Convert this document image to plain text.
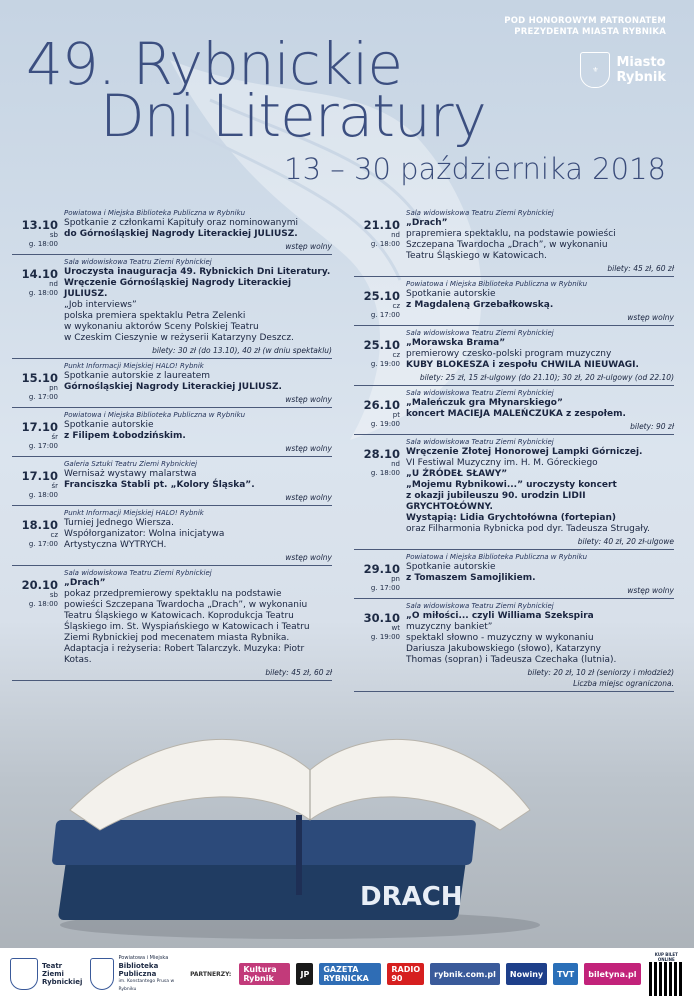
49. Rybnickie
Dni Literatury
13 – 30 października 2018
POD HONOROWYM PATRONATEM
PREZYDENTA MIASTA RYBNIKA
⚜	Miasto
Rybnik
Powiatowa i Miejska Biblioteka Publiczna w Rybniku
13.10
sb
g. 18:00
Spotkanie z członkami Kapituły oraz nominowanymi
do Górnośląskiej Nagrody Literackiej JULIUSZ.
wstęp wolny
Sala widowiskowa Teatru Ziemi Rybnickiej
14.10
nd
g. 18:00
Uroczysta inauguracja 49. Rybnickich Dni Literatury.
Wręczenie Górnośląskiej Nagrody Literackiej JULIUSZ.
„Job interviews”
polska premiera spektaklu Petra Zelenki
w wykonaniu aktorów Sceny Polskiej Teatru
w Czeskim Cieszynie w reżyserii Katarzyny Deszcz.
bilety: 30 zł (do 13.10), 40 zł (w dniu spektaklu)
Punkt Informacji Miejskiej HALO! Rybnik
15.10
pn
g. 17:00
Spotkanie autorskie z laureatem
Górnośląskiej Nagrody Literackiej JULIUSZ.
wstęp wolny
Powiatowa i Miejska Biblioteka Publiczna w Rybniku
17.10
śr
g. 17:00
Spotkanie autorskie
z Filipem Łobodzińskim.
wstęp wolny
Galeria Sztuki Teatru Ziemi Rybnickiej
17.10
śr
g. 18:00
Wernisaż wystawy malarstwa
Franciszka Stabli pt. „Kolory Śląska”.
wstęp wolny
Punkt Informacji Miejskiej HALO! Rybnik
18.10
cz
g. 17:00
Turniej Jednego Wiersza.
Współorganizator: Wolna inicjatywa
Artystyczna WYTRYCH.
wstęp wolny
Sala widowiskowa Teatru Ziemi Rybnickiej
20.10
sb
g. 18:00
„Drach”
pokaz przedpremierowy spektaklu na podstawie
powieści Szczepana Twardocha „Drach”, w wykonaniu
Teatru Śląskiego w Katowicach. Koprodukcja Teatru
Śląskiego im. St. Wyspiańskiego w Katowicach i Teatru
Ziemi Rybnickiej pod mecenatem miasta Rybnika.
Adaptacja i reżyseria: Robert Talarczyk. Muzyka: Piotr Kotas.
bilety: 45 zł, 60 zł
Sala widowiskowa Teatru Ziemi Rybnickiej
21.10
nd
g. 18:00
„Drach”
prapremiera spektaklu, na podstawie powieści
Szczepana Twardocha „Drach”, w wykonaniu
Teatru Śląskiego w Katowicach.
bilety: 45 zł, 60 zł
Powiatowa i Miejska Biblioteka Publiczna w Rybniku
25.10
cz
g. 17:00
Spotkanie autorskie
z Magdaleną Grzebałkowską.
wstęp wolny
Sala widowiskowa Teatru Ziemi Rybnickiej
25.10
cz
g. 19:00
„Morawska Brama”
premierowy czesko-polski program muzyczny
KUBY BLOKESZA i zespołu CHWILA NIEUWAGI.
bilety: 25 zł, 15 zł-ulgowy (do 21.10); 30 zł, 20 zł-ulgowy (od 22.10)
Sala widowiskowa Teatru Ziemi Rybnickiej
26.10
pt
g. 19:00
„Maleńczuk gra Młynarskiego”
koncert MACIEJA MALEŃCZUKA z zespołem.
bilety: 90 zł
Sala widowiskowa Teatru Ziemi Rybnickiej
28.10
nd
g. 18:00
Wręczenie Złotej Honorowej Lampki Górniczej.
VI Festiwal Muzyczny im. H. M. Góreckiego
„U ŹRÓDEŁ SŁAWY”
„Mojemu Rybnikowi...” uroczysty koncert
z okazji jubileuszu 90. urodzin LIDII GRYCHTOŁÓWNY.
Wystąpią: Lidia Grychtołówna (fortepian)
oraz Filharmonia Rybnicka pod dyr. Tadeusza Strugały.
bilety: 40 zł, 20 zł-ulgowe
Powiatowa i Miejska Biblioteka Publiczna w Rybniku
29.10
pn
g. 17:00
Spotkanie autorskie
z Tomaszem Samojlikiem.
wstęp wolny
Sala widowiskowa Teatru Ziemi Rybnickiej
30.10
wt
g. 19:00
„O miłości... czyli Williama Szekspira
muzyczny bankiet”
spektakl słowno - muzyczny w wykonaniu
Dariusza Jakubowskiego (słowo), Katarzyny
Thomas (sopran) i Tadeusza Czechaka (lutnia).
bilety: 20 zł, 10 zł (seniorzy i młodzież)
Liczba miejsc ograniczona.
DRACH
Teatr
Ziemi
Rybnickiej
Powiatowa i Miejska
Biblioteka
Publiczna
im. Konstantego Prusa w Rybniku
PARTNERZY:	Kultura Rybnik	JP	GAZETA RYBNICKA
RADIO 90	rybnik.com.pl	Nowiny	TVT	biletyna.pl
KUP BILET ONLINE
